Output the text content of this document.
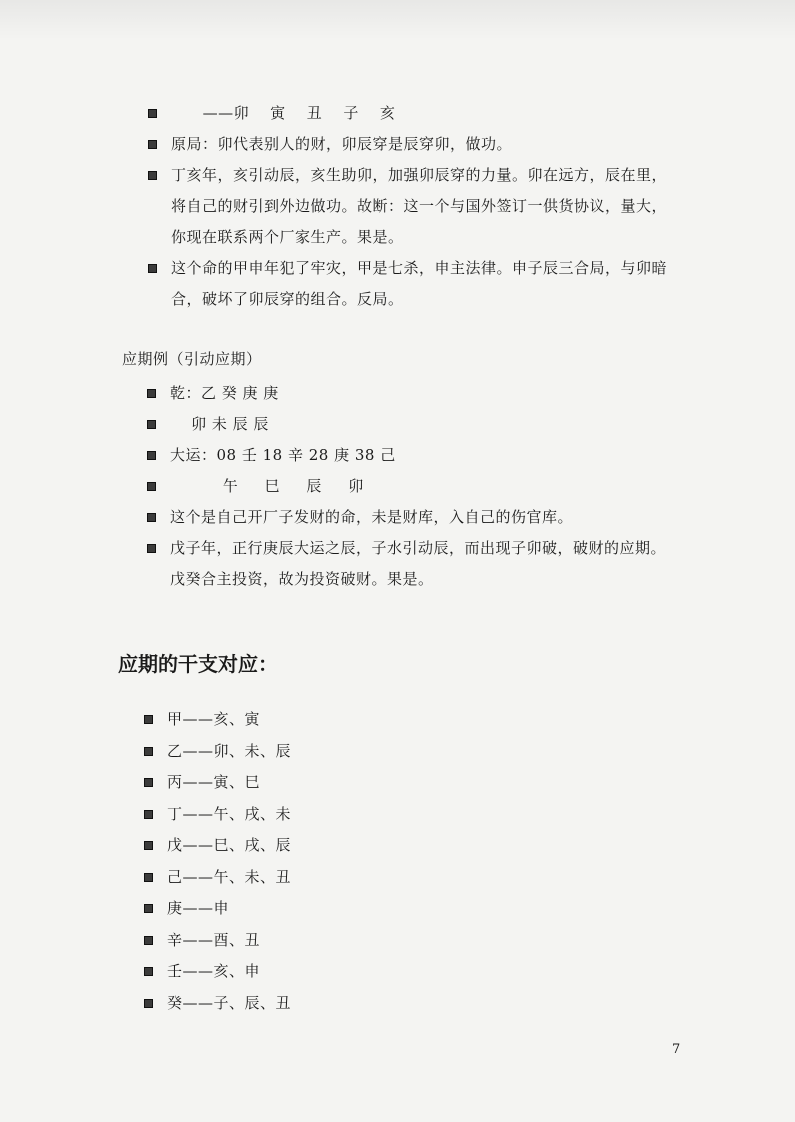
——卯    寅    丑    子    亥
原局：卯代表别人的财，卯辰穿是辰穿卯，做功。
丁亥年，亥引动辰，亥生助卯，加强卯辰穿的力量。卯在远方，辰在里，
将自己的财引到外边做功。故断：这一个与国外签订一供货协议，量大，
你现在联系两个厂家生产。果是。
这个命的甲申年犯了牢灾，甲是七杀，申主法律。申子辰三合局，与卯暗
合，破坏了卯辰穿的组合。反局。
应期例（引动应期）
乾：乙 癸 庚 庚
卯 未 辰 辰
大运：08 壬 18 辛 28 庚 38 己
午     巳     辰     卯
这个是自己开厂子发财的命，未是财库，入自己的伤官库。
戊子年，正行庚辰大运之辰，子水引动辰，而出现子卯破，破财的应期。
戊癸合主投资，故为投资破财。果是。
应期的干支对应：
甲——亥、寅
乙——卯、未、辰
丙——寅、巳
丁——午、戌、未
戊——巳、戌、辰
己——午、未、丑
庚——申
辛——酉、丑
壬——亥、申
癸——子、辰、丑
7
